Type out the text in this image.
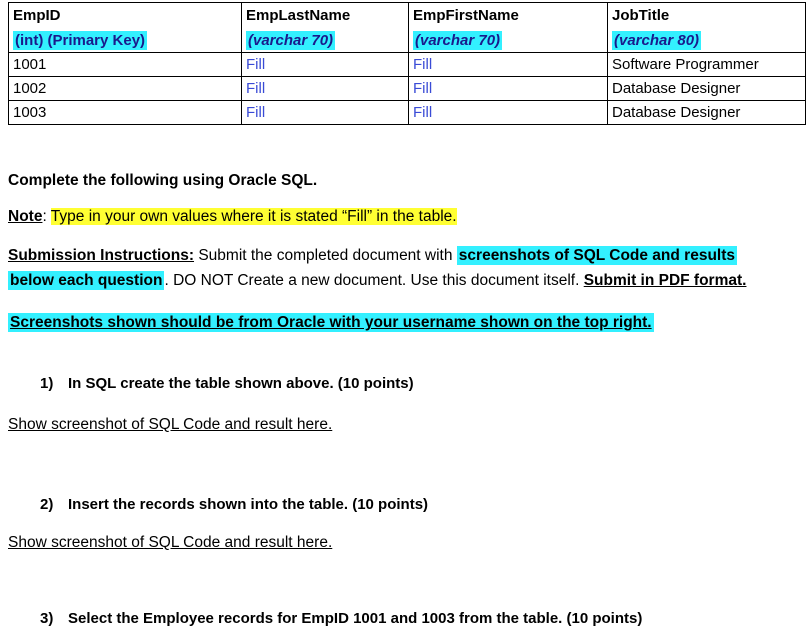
EmpID	EmpLastName	EmpFirstName	JobTitle
(int) (Primary Key)	(varchar 70)	(varchar 70)	(varchar 80)
1001	Fill	Fill	Software Programmer
1002	Fill	Fill	Database Designer
1003	Fill	Fill	Database Designer
Complete the following using Oracle SQL.
Note: Type in your own values where it is stated “Fill” in the table.
Submission Instructions: Submit the completed document with screenshots of SQL Code and results
below each question . DO NOT Create a new document. Use this document itself. Submit in PDF format.
Screenshots shown should be from Oracle with your username shown on the top right.
1) In SQL create the table shown above. (10 points)
Show screenshot of SQL Code and result here.
2) Insert the records shown into the table. (10 points)
Show screenshot of SQL Code and result here.
3) Select the Employee records for EmpID 1001 and 1003 from the table. (10 points)
